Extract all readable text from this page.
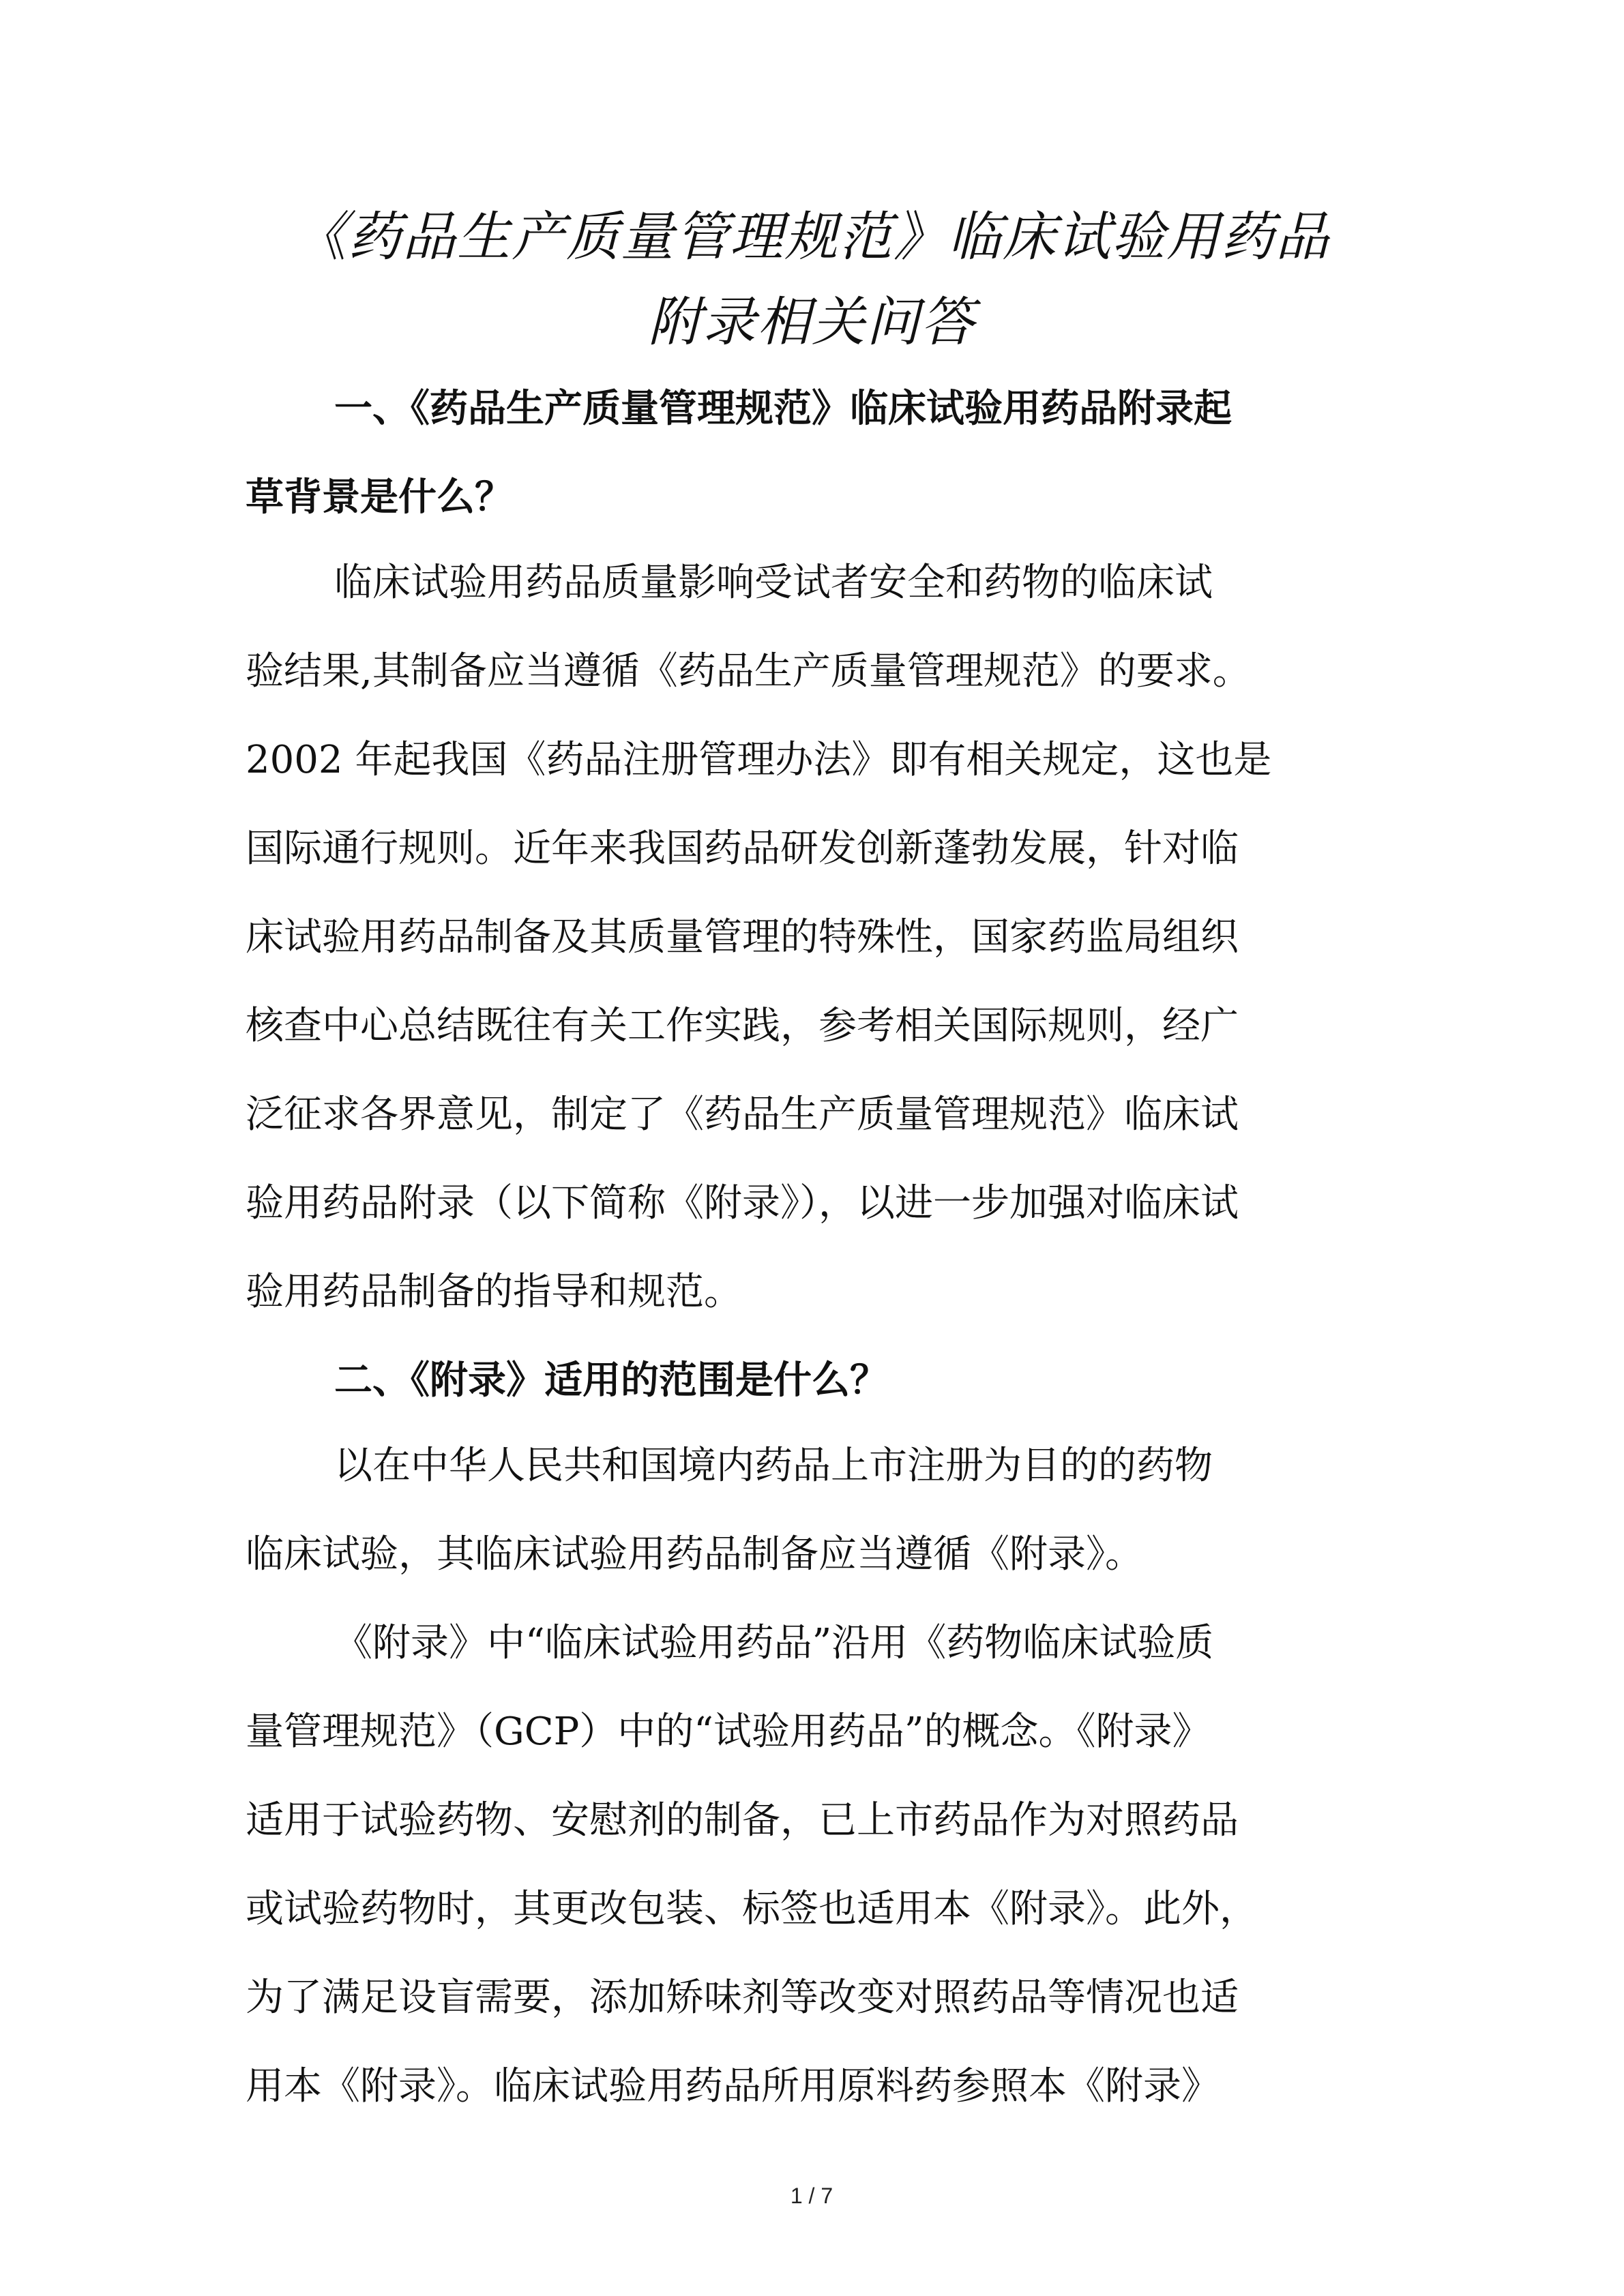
《药品生产质量管理规范》临床试验用药品
附录相关问答
一、《药品生产质量管理规范》临床试验用药品附录起
草背景是什么？
临床试验用药品质量影响受试者安全和药物的临床试
验结果,其制备应当遵循《药品生产质量管理规范》的要求。
2002 年起我国《药品注册管理办法》即有相关规定，这也是
国际通行规则。近年来我国药品研发创新蓬勃发展，针对临
床试验用药品制备及其质量管理的特殊性，国家药监局组织
核查中心总结既往有关工作实践，参考相关国际规则，经广
泛征求各界意见，制定了《药品生产质量管理规范》临床试
验用药品附录（以下简称《附录》），以进一步加强对临床试
验用药品制备的指导和规范。
二、《附录》适用的范围是什么？
以在中华人民共和国境内药品上市注册为目的的药物
临床试验，其临床试验用药品制备应当遵循《附录》。
《附录》中“临床试验用药品”沿用《药物临床试验质
量管理规范》（GCP）中的“试验用药品”的概念。《附录》
适用于试验药物、安慰剂的制备，已上市药品作为对照药品
或试验药物时，其更改包装、标签也适用本《附录》。此外，
为了满足设盲需要，添加矫味剂等改变对照药品等情况也适
用本《附录》。临床试验用药品所用原料药参照本《附录》
1 / 7
